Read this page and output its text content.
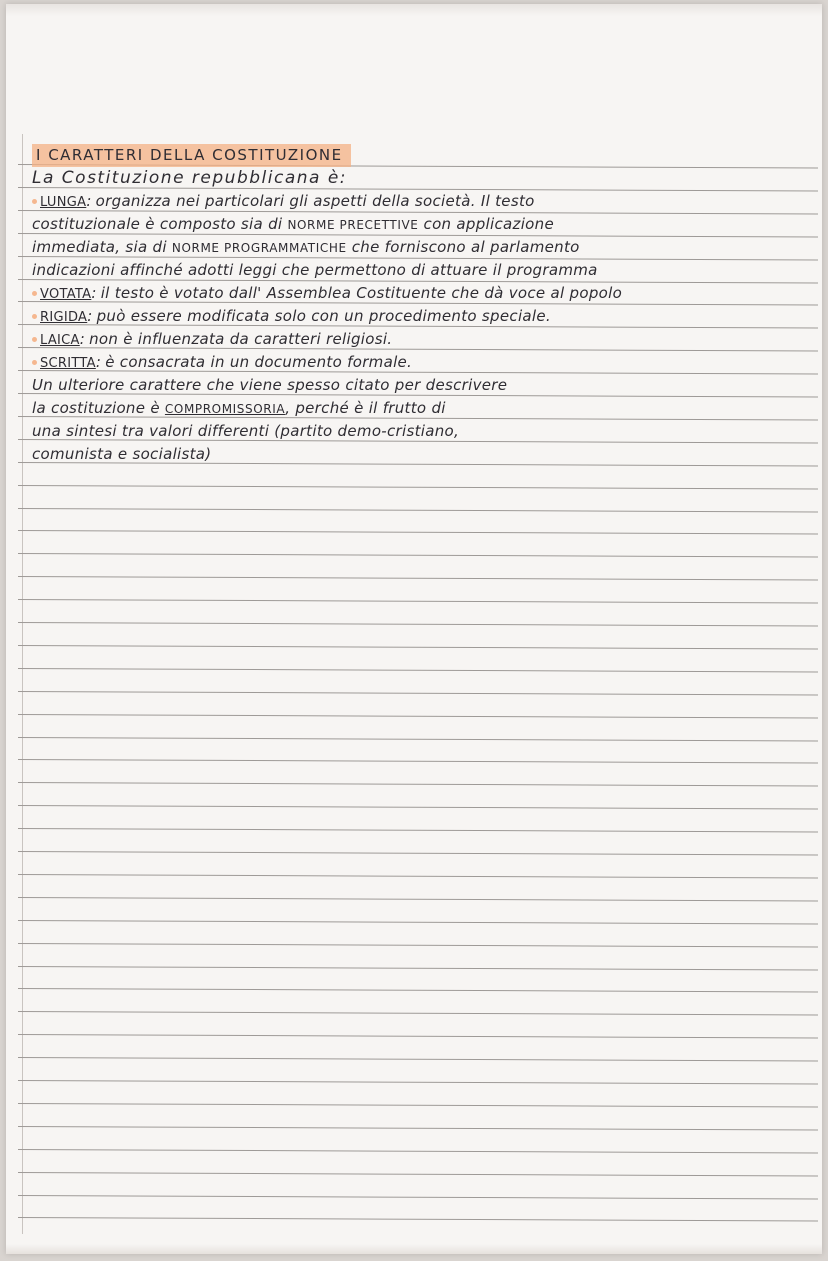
I CARATTERI DELLA COSTITUZIONE
La Costituzione repubblicana è:
LUNGA: organizza nei particolari gli aspetti della società. Il testo
costituzionale è composto sia di NORME PRECETTIVE con applicazione
immediata, sia di NORME PROGRAMMATICHE che forniscono al parlamento
indicazioni affinché adotti leggi che permettono di attuare il programma
VOTATA: il testo è votato dall' Assemblea Costituente che dà voce al popolo
RIGIDA: può essere modificata solo con un procedimento speciale.
LAICA: non è influenzata da caratteri religiosi.
SCRITTA: è consacrata in un documento formale.
Un ulteriore carattere che viene spesso citato per descrivere
la costituzione è COMPROMISSORIA, perché è il frutto di
una sintesi tra valori differenti (partito demo-cristiano,
comunista e socialista)
